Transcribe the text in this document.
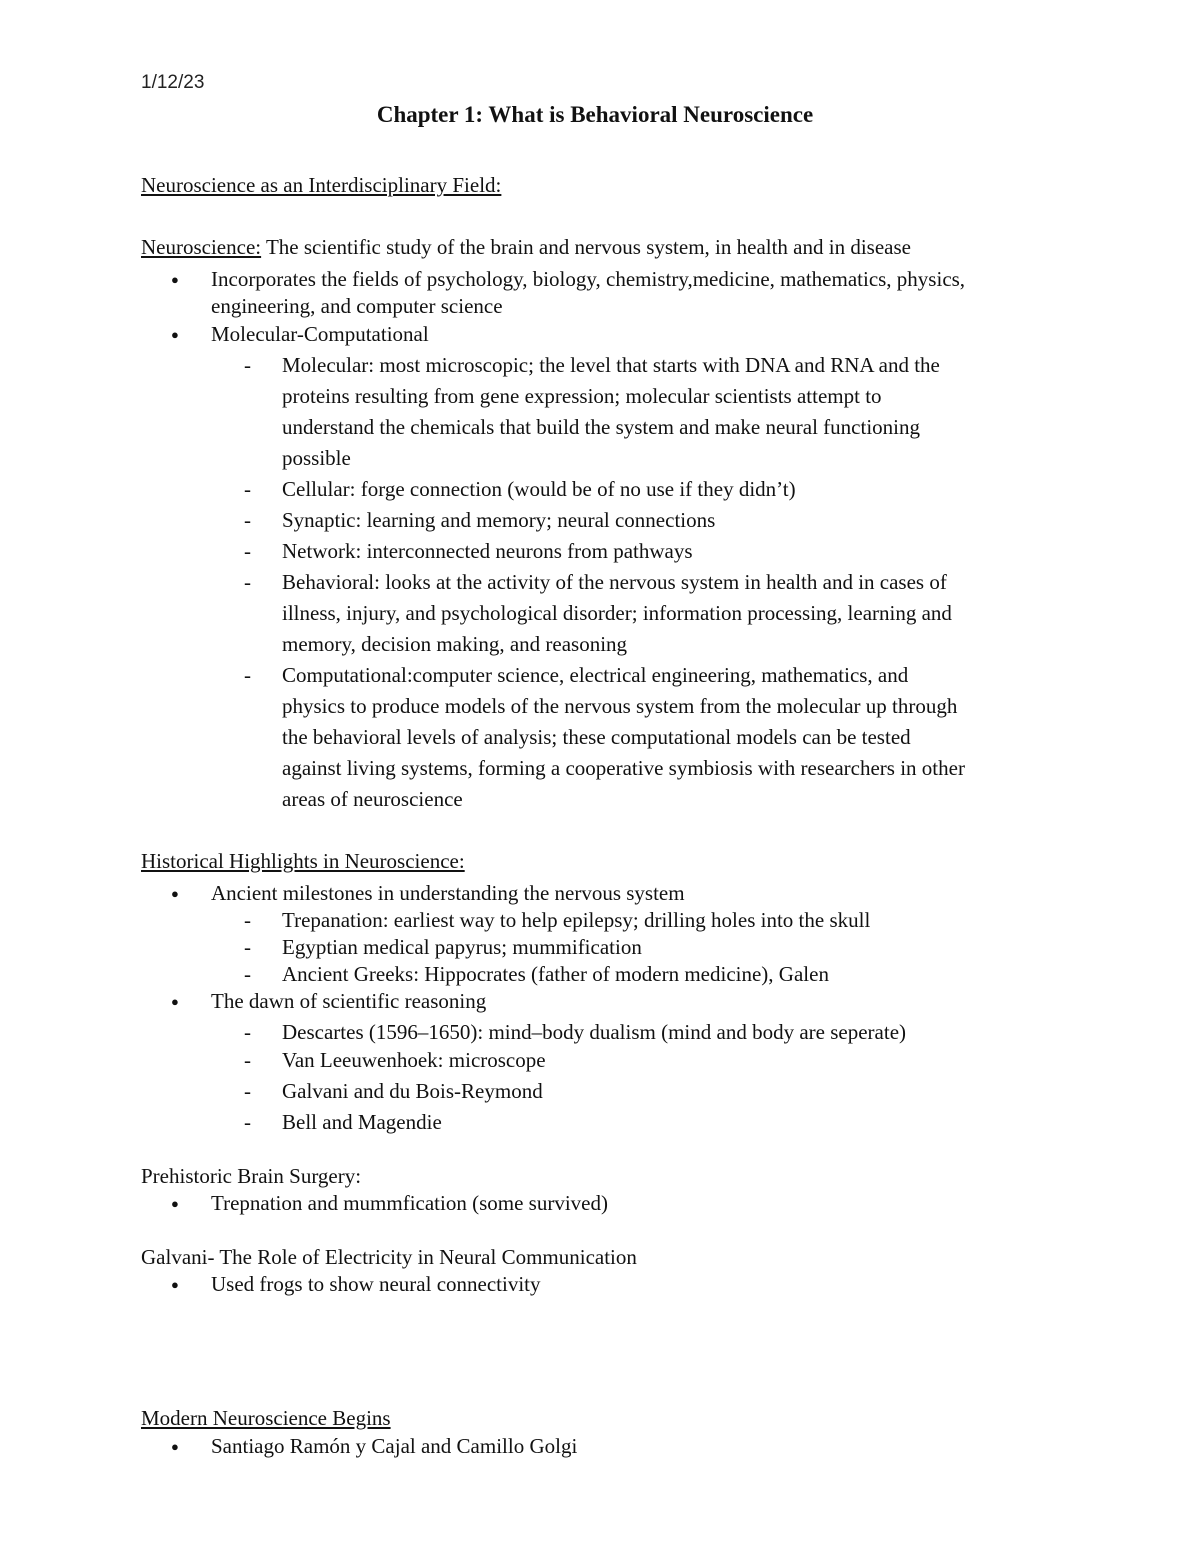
1/12/23
Chapter 1: What is Behavioral Neuroscience
Neuroscience as an Interdisciplinary Field:
Neuroscience: The scientific study of the brain and nervous system, in health and in disease
● Incorporates the fields of psychology, biology, chemistry,medicine, mathematics, physics,
engineering, and computer science
● Molecular-Computational
- Molecular: most microscopic; the level that starts with DNA and RNA and the
proteins resulting from gene expression; molecular scientists attempt to
understand the chemicals that build the system and make neural functioning
possible
- Cellular: forge connection (would be of no use if they didn’t)
- Synaptic: learning and memory; neural connections
- Network: interconnected neurons from pathways
- Behavioral: looks at the activity of the nervous system in health and in cases of
illness, injury, and psychological disorder; information processing, learning and
memory, decision making, and reasoning
- Computational:computer science, electrical engineering, mathematics, and
physics to produce models of the nervous system from the molecular up through
the behavioral levels of analysis; these computational models can be tested
against living systems, forming a cooperative symbiosis with researchers in other
areas of neuroscience
Historical Highlights in Neuroscience:
● Ancient milestones in understanding the nervous system
- Trepanation: earliest way to help epilepsy; drilling holes into the skull
- Egyptian medical papyrus; mummification
- Ancient Greeks: Hippocrates (father of modern medicine), Galen
● The dawn of scientific reasoning
- Descartes (1596–1650): mind–body dualism (mind and body are seperate)
- Van Leeuwenhoek: microscope
- Galvani and du Bois-Reymond
- Bell and Magendie
Prehistoric Brain Surgery:
● Trepnation and mummfication (some survived)
Galvani- The Role of Electricity in Neural Communication
● Used frogs to show neural connectivity
Modern Neuroscience Begins
● Santiago Ramón y Cajal and Camillo Golgi
